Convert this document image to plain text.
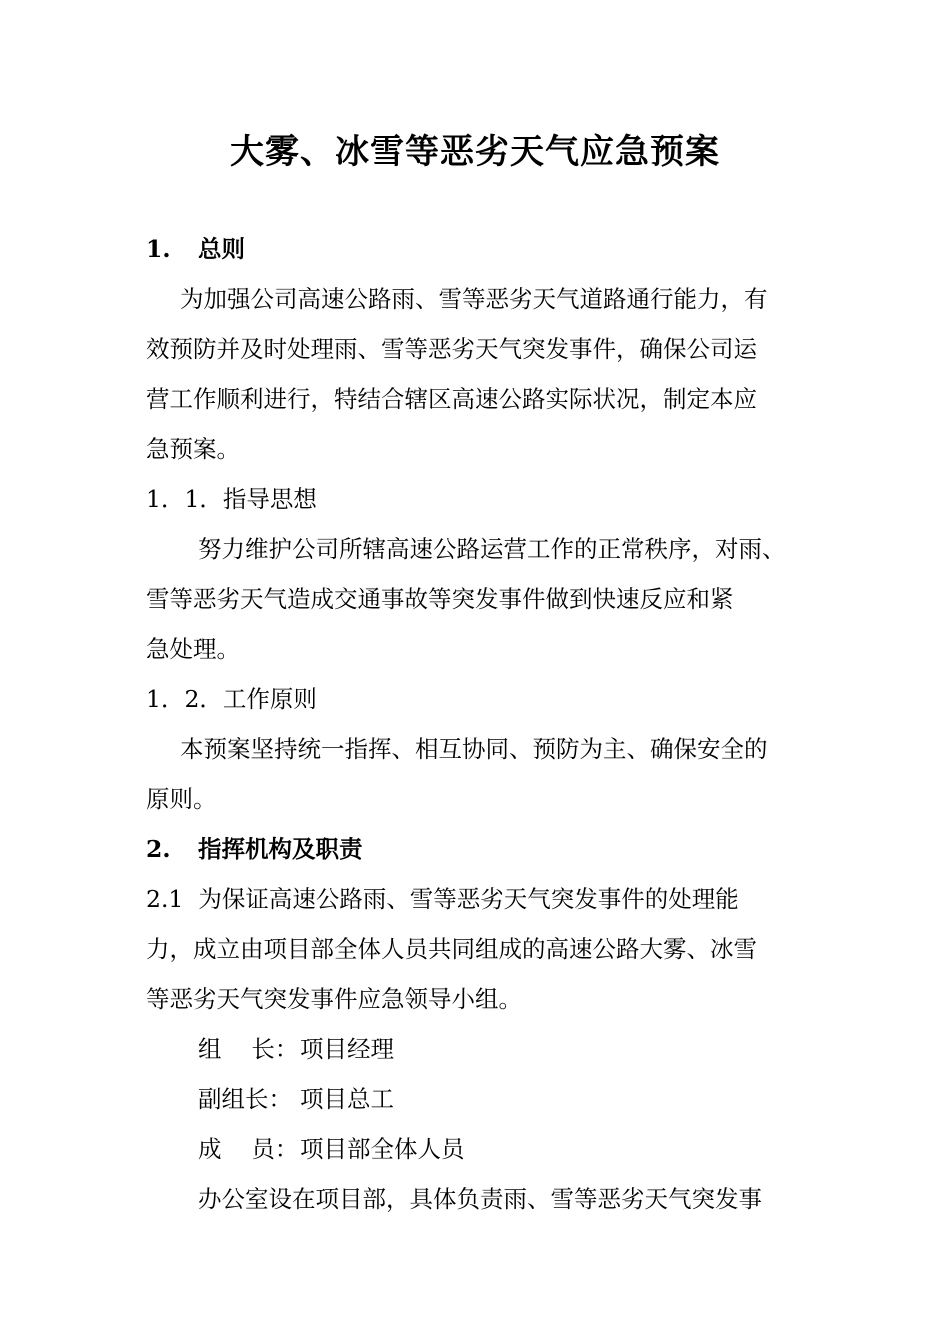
大雾、冰雪等恶劣天气应急预案
1. 总则
为加强公司高速公路雨、雪等恶劣天气道路通行能力，有
效预防并及时处理雨、雪等恶劣天气突发事件，确保公司运
营工作顺利进行，特结合辖区高速公路实际状况，制定本应
急预案。
1．1．指导思想
努力维护公司所辖高速公路运营工作的正常秩序，对雨、
雪等恶劣天气造成交通事故等突发事件做到快速反应和紧
急处理。
1．2．工作原则
本预案坚持统一指挥、相互协同、预防为主、确保安全的
原则。
2. 指挥机构及职责
2.1  为保证高速公路雨、雪等恶劣天气突发事件的处理能
力，成立由项目部全体人员共同组成的高速公路大雾、冰雪
等恶劣天气突发事件应急领导小组。
组    长：项目经理
副组长： 项目总工
成    员：项目部全体人员
办公室设在项目部，具体负责雨、雪等恶劣天气突发事
